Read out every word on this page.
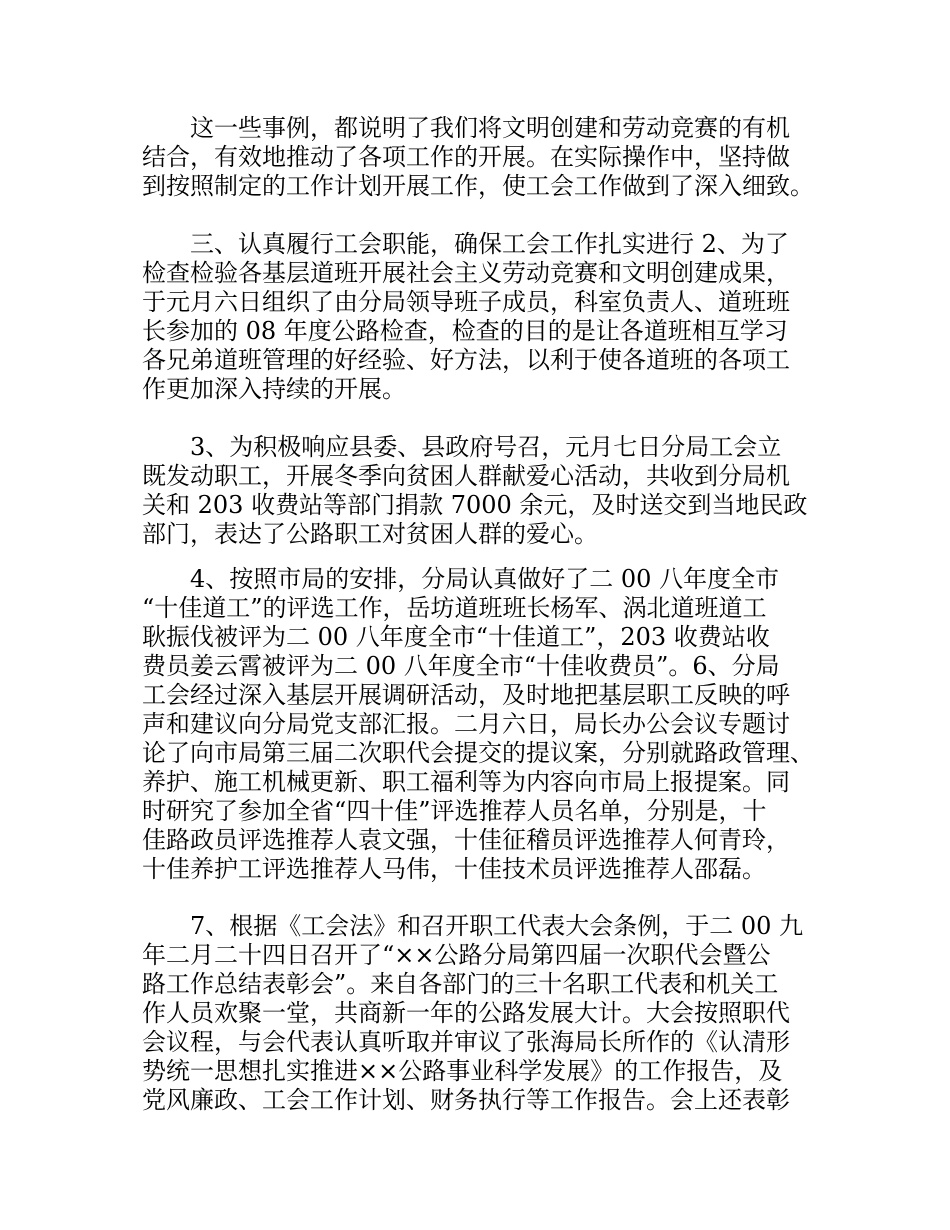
这一些事例，都说明了我们将文明创建和劳动竞赛的有机
结合，有效地推动了各项工作的开展。在实际操作中，坚持做
到按照制定的工作计划开展工作，使工会工作做到了深入细致。
三、认真履行工会职能，确保工会工作扎实进行 2、为了
检查检验各基层道班开展社会主义劳动竞赛和文明创建成果，
于元月六日组织了由分局领导班子成员，科室负责人、道班班
长参加的 08 年度公路检查，检查的目的是让各道班相互学习
各兄弟道班管理的好经验、好方法，以利于使各道班的各项工
作更加深入持续的开展。
3、为积极响应县委、县政府号召，元月七日分局工会立
既发动职工，开展冬季向贫困人群献爱心活动，共收到分局机
关和 203 收费站等部门捐款 7000 余元，及时送交到当地民政
部门，表达了公路职工对贫困人群的爱心。
4、按照市局的安排，分局认真做好了二 00 八年度全市
“十佳道工”的评选工作，岳坊道班班长杨军、涡北道班道工
耿振伐被评为二 00 八年度全市“十佳道工”，203 收费站收
费员姜云霄被评为二 00 八年度全市“十佳收费员”。6、分局
工会经过深入基层开展调研活动，及时地把基层职工反映的呼
声和建议向分局党支部汇报。二月六日，局长办公会议专题讨
论了向市局第三届二次职代会提交的提议案，分别就路政管理、
养护、施工机械更新、职工福利等为内容向市局上报提案。同
时研究了参加全省“四十佳”评选推荐人员名单，分别是，十
佳路政员评选推荐人袁文强，十佳征稽员评选推荐人何青玲，
十佳养护工评选推荐人马伟，十佳技术员评选推荐人邵磊。
7、根据《工会法》和召开职工代表大会条例，于二 00 九
年二月二十四日召开了“××公路分局第四届一次职代会暨公
路工作总结表彰会”。来自各部门的三十名职工代表和机关工
作人员欢聚一堂，共商新一年的公路发展大计。大会按照职代
会议程，与会代表认真听取并审议了张海局长所作的《认清形
势统一思想扎实推进××公路事业科学发展》的工作报告，及
党风廉政、工会工作计划、财务执行等工作报告。会上还表彰
